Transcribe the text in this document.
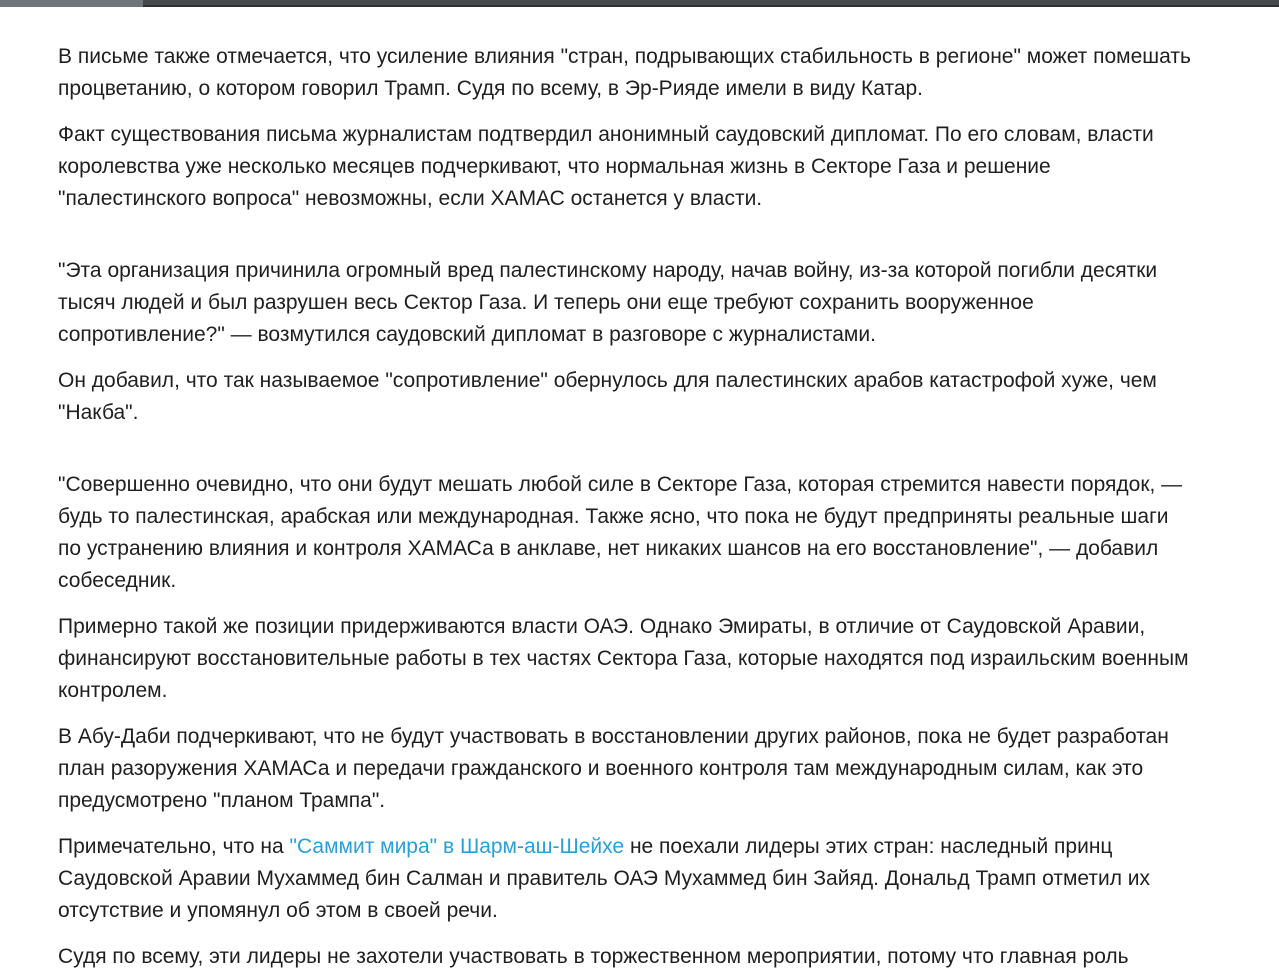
В письме также отмечается, что усиление влияния "стран, подрывающих стабильность в регионе" может помешать процветанию, о котором говорил Трамп. Судя по всему, в Эр-Рияде имели в виду Катар.

Факт существования письма журналистам подтвердил анонимный саудовский дипломат. По его словам, власти королевства уже несколько месяцев подчеркивают, что нормальная жизнь в Секторе Газа и решение "палестинского вопроса" невозможны, если ХАМАС останется у власти.

"Эта организация причинила огромный вред палестинскому народу, начав войну, из-за которой погибли десятки тысяч людей и был разрушен весь Сектор Газа. И теперь они еще требуют сохранить вооруженное сопротивление?" — возмутился саудовский дипломат в разговоре с журналистами.

Он добавил, что так называемое "сопротивление" обернулось для палестинских арабов катастрофой хуже, чем "Накба".

"Совершенно очевидно, что они будут мешать любой силе в Секторе Газа, которая стремится навести порядок, — будь то палестинская, арабская или международная. Также ясно, что пока не будут предприняты реальные шаги по устранению влияния и контроля ХАМАСа в анклаве, нет никаких шансов на его восстановление", — добавил собеседник.

Примерно такой же позиции придерживаются власти ОАЭ. Однако Эмираты, в отличие от Саудовской Аравии, финансируют восстановительные работы в тех частях Сектора Газа, которые находятся под израильским военным контролем.

В Абу-Даби подчеркивают, что не будут участвовать в восстановлении других районов, пока не будет разработан план разоружения ХАМАСа и передачи гражданского и военного контроля там международным силам, как это предусмотрено "планом Трампа".

Примечательно, что на "Саммит мира" в Шарм-аш-Шейхе не поехали лидеры этих стран: наследный принц Саудовской Аравии Мухаммед бин Салман и правитель ОАЭ Мухаммед бин Зайяд. Дональд Трамп отметил их отсутствие и упомянул об этом в своей речи.

Судя по всему, эти лидеры не захотели участвовать в торжественном мероприятии, потому что главная роль
